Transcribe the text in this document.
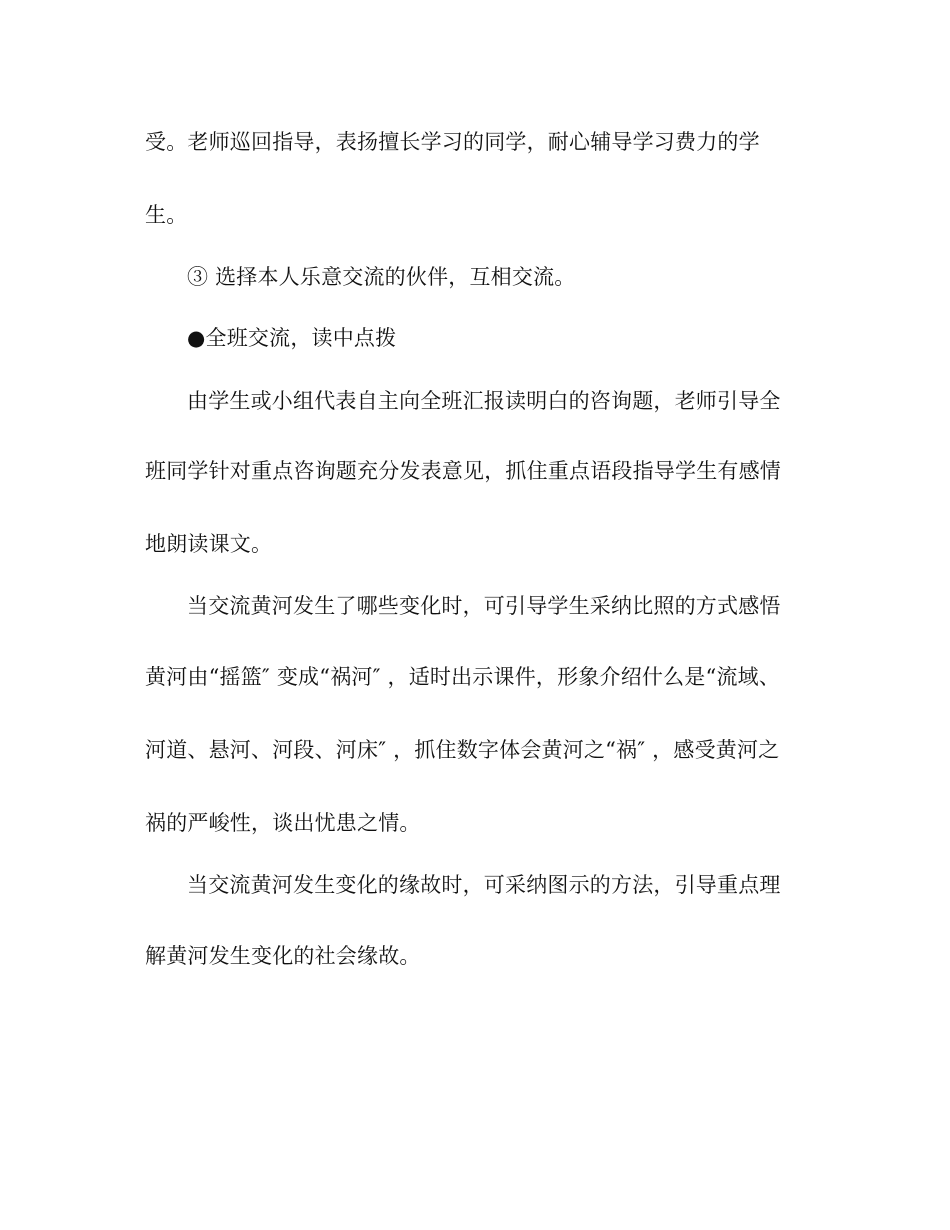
受。老师巡回指导，表扬擅长学习的同学，耐心辅导学习费力的学

生。

③ 选择本人乐意交流的伙伴，互相交流。

●全班交流，读中点拨

由学生或小组代表自主向全班汇报读明白的咨询题，老师引导全

班同学针对重点咨询题充分发表意见，抓住重点语段指导学生有感情

地朗读课文。

当交流黄河发生了哪些变化时，可引导学生采纳比照的方式感悟

黄河由“摇篮″ 变成“祸河″ ，适时出示课件，形象介绍什么是“流域、

河道、悬河、河段、河床″ ，抓住数字体会黄河之“祸″ ，感受黄河之

祸的严峻性，谈出忧患之情。

当交流黄河发生变化的缘故时，可采纳图示的方法，引导重点理

解黄河发生变化的社会缘故。
